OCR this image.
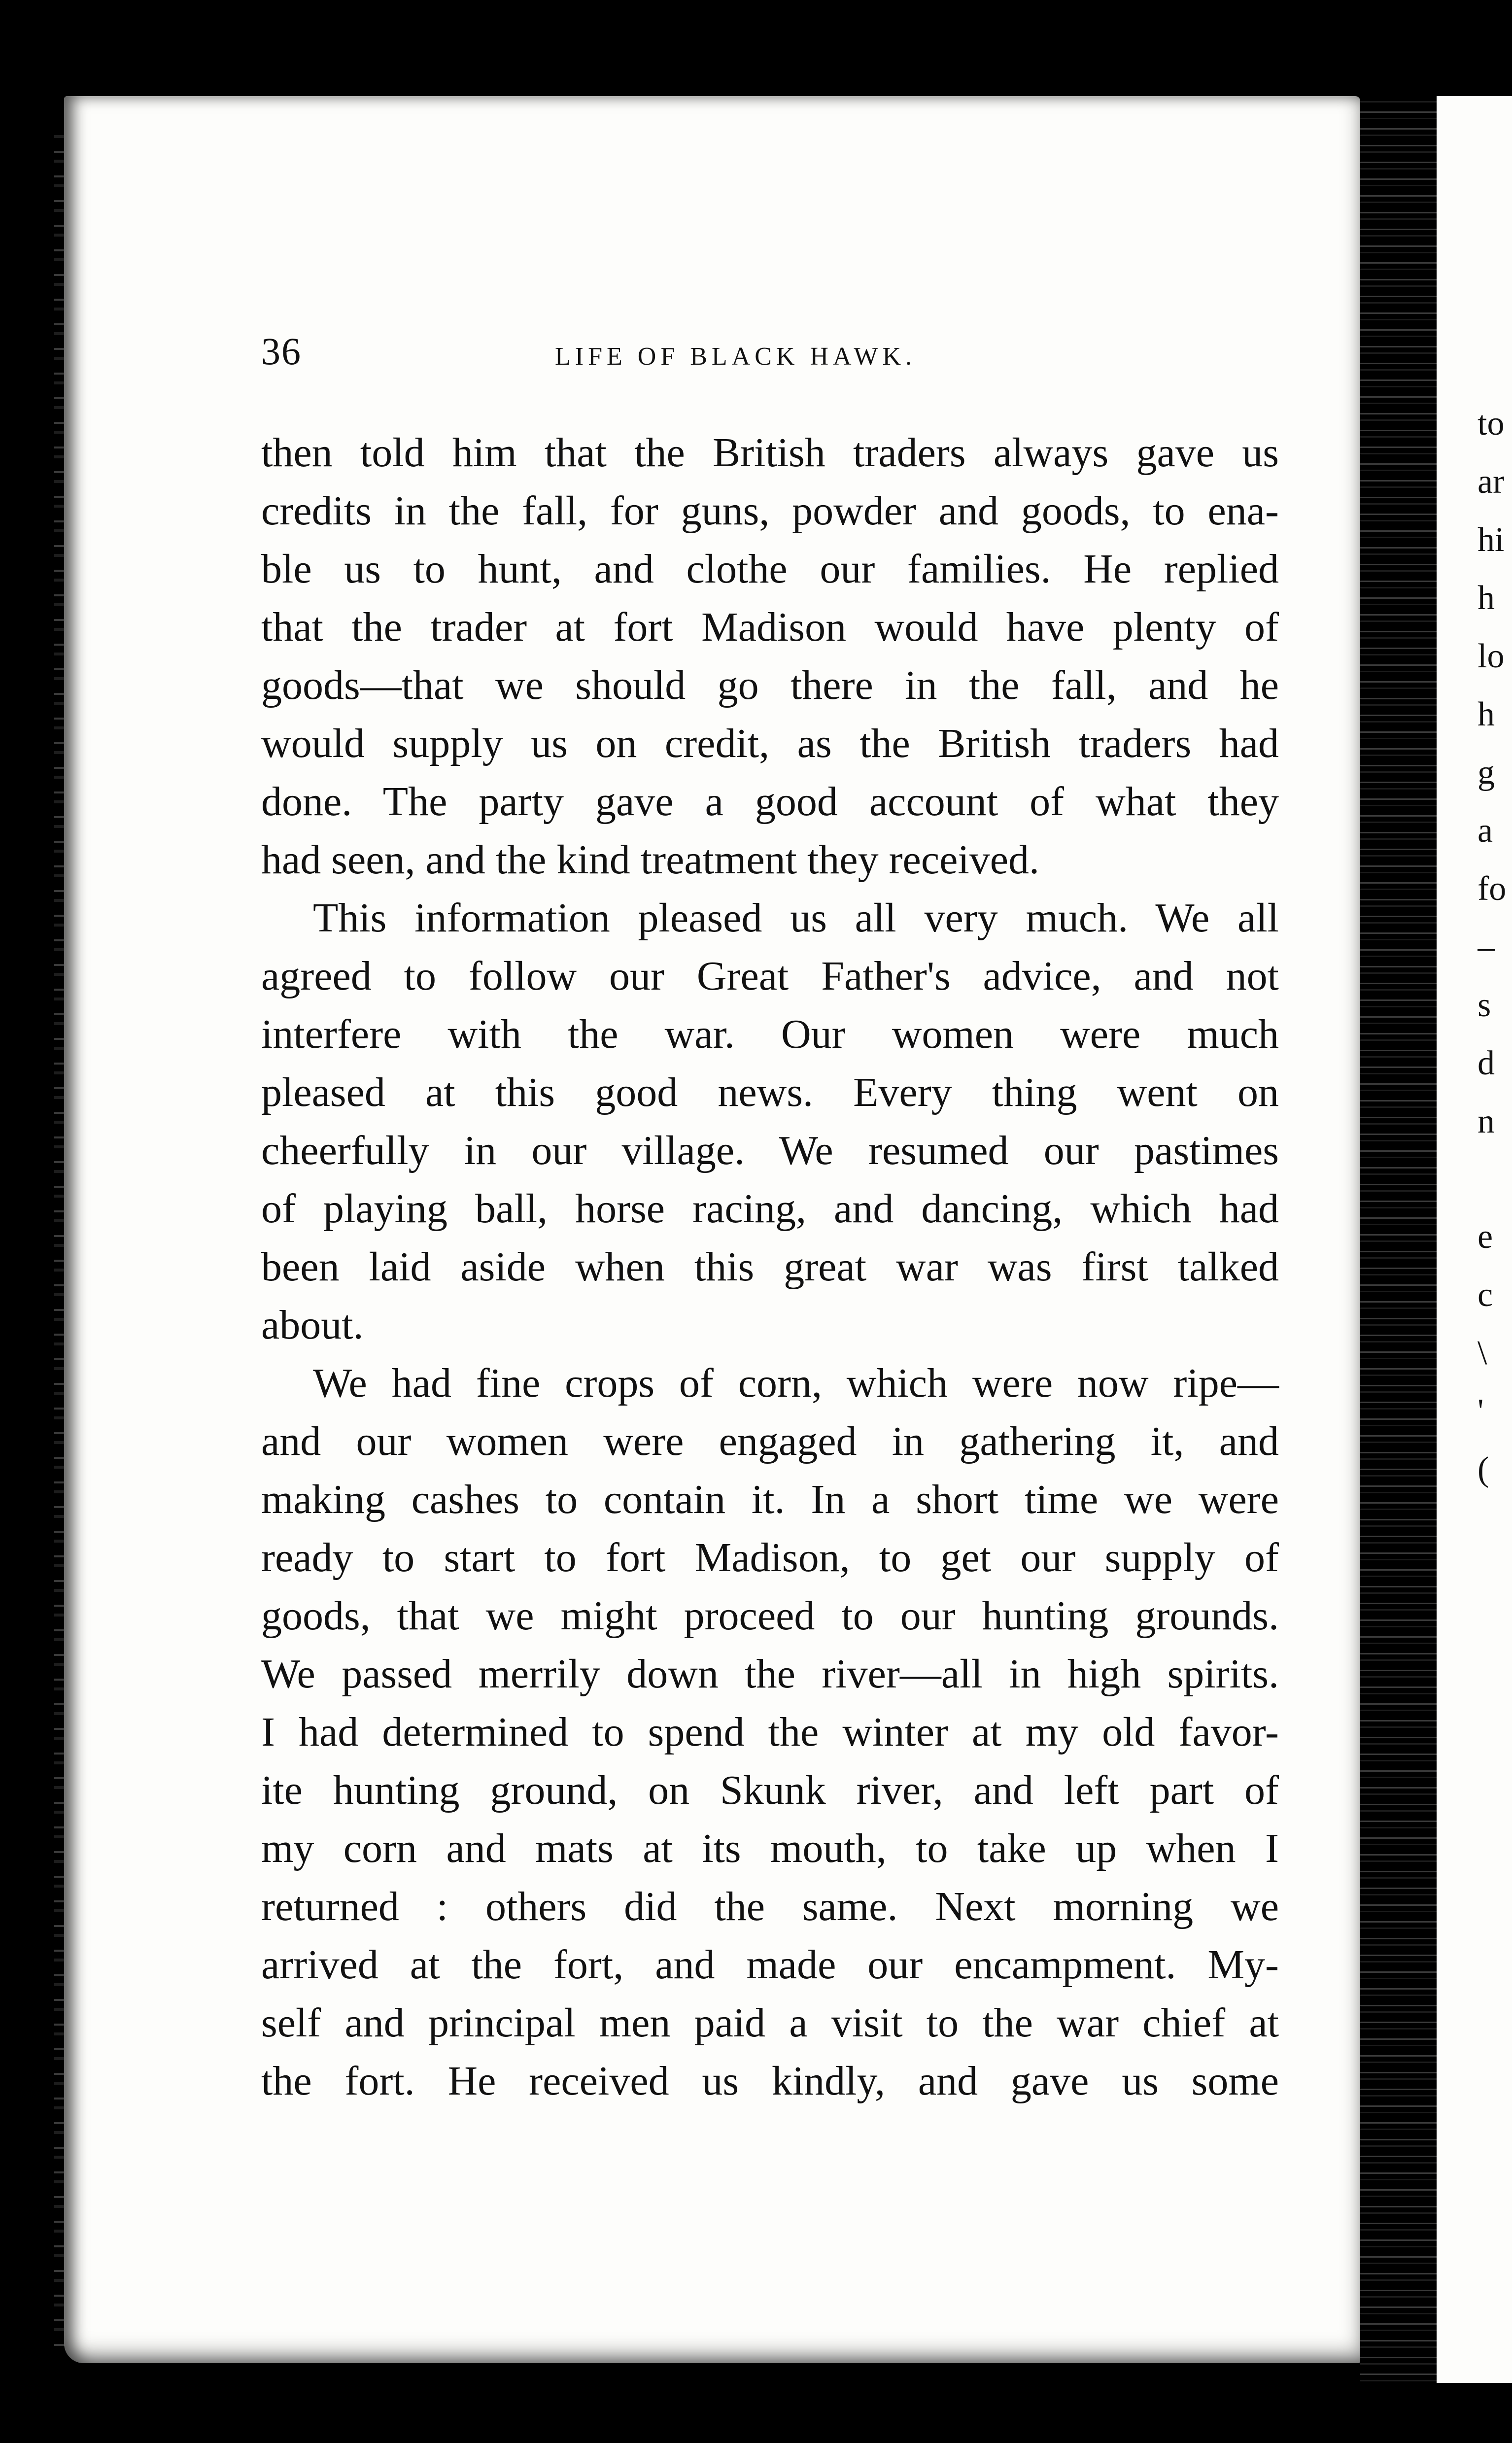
36	LIFE OF BLACK HAWK.
then told him that the British traders always gave us
credits in the fall, for guns, powder and goods, to ena-
ble us to hunt, and clothe our families. He replied
that the trader at fort Madison would have plenty of
goods—that we should go there in the fall, and he
would supply us on credit, as the British traders had
done. The party gave a good account of what they
had seen, and the kind treatment they received.
This information pleased us all very much. We all
agreed to follow our Great Father's advice, and not
interfere with the war. Our women were much
pleased at this good news. Every thing went on
cheerfully in our village. We resumed our pastimes
of playing ball, horse racing, and dancing, which had
been laid aside when this great war was first talked
about.
We had fine crops of corn, which were now ripe—
and our women were engaged in gathering it, and
making cashes to contain it. In a short time we were
ready to start to fort Madison, to get our supply of
goods, that we might proceed to our hunting grounds.
We passed merrily down the river—all in high spirits.
I had determined to spend the winter at my old favor-
ite hunting ground, on Skunk river, and left part of
my corn and mats at its mouth, to take up when I
returned : others did the same. Next morning we
arrived at the fort, and made our encampment. My-
self and principal men paid a visit to the war chief at
the fort. He received us kindly, and gave us some
to
ar
hi
h
lo
h
g
a
fo
–
s
d
n
e
c
\
'
(
